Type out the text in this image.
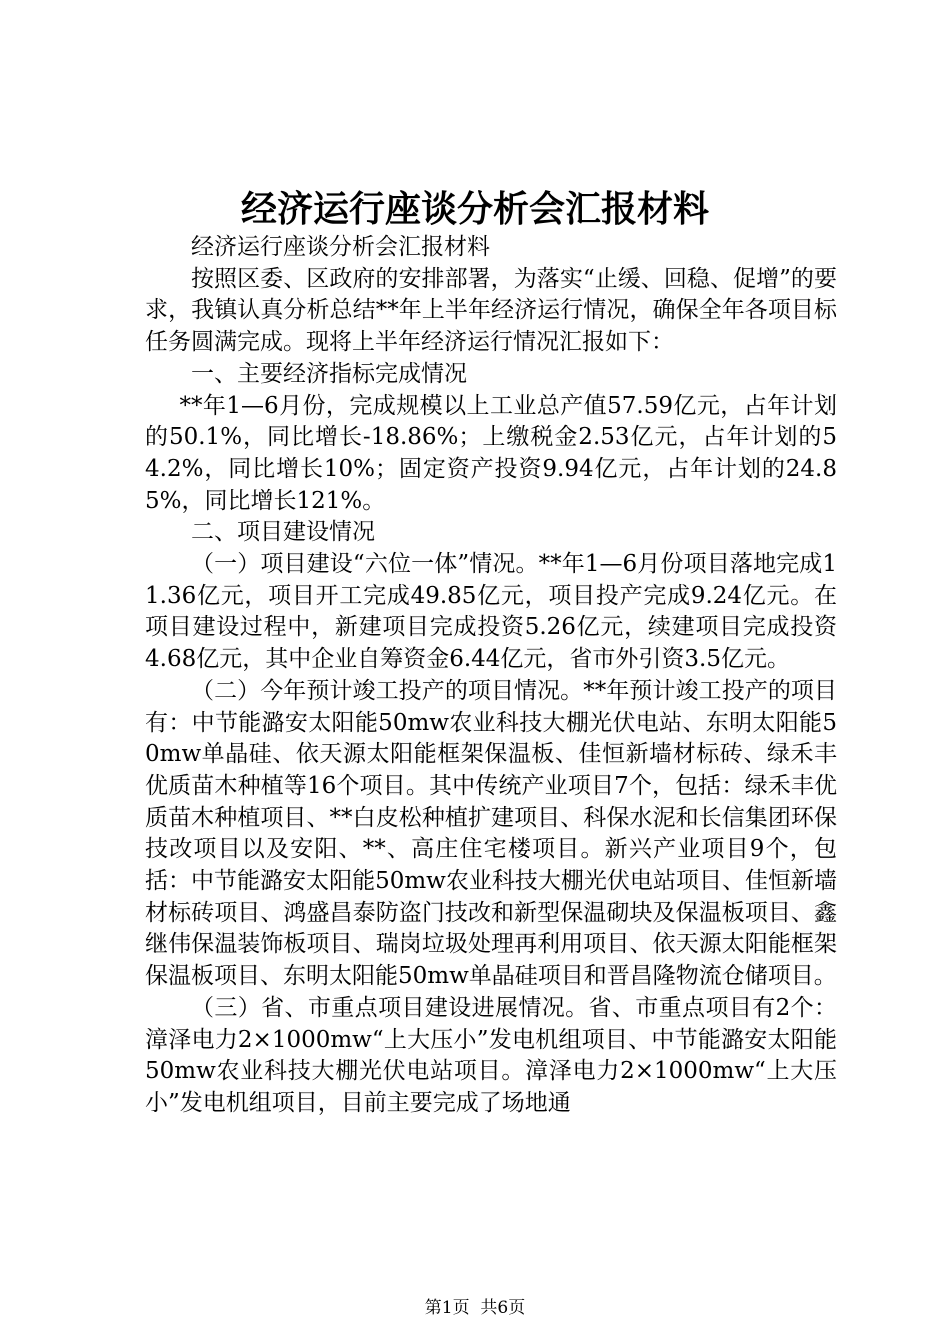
经济运行座谈分析会汇报材料

经济运行座谈分析会汇报材料

按照区委、区政府的安排部署，为落实“止缓、回稳、促增”的要求，我镇认真分析总结**年上半年经济运行情况，确保全年各项目标任务圆满完成。现将上半年经济运行情况汇报如下：

一、主要经济指标完成情况

**年1—6月份，完成规模以上工业总产值57.59亿元，占年计划的50.1%，同比增长-18.86%；上缴税金2.53亿元，占年计划的54.2%，同比增长10%；固定资产投资9.94亿元，占年计划的24.85%，同比增长121%。

二、项目建设情况

（一）项目建设“六位一体”情况。**年1—6月份项目落地完成11.36亿元，项目开工完成49.85亿元，项目投产完成9.24亿元。在项目建设过程中，新建项目完成投资5.26亿元，续建项目完成投资4.68亿元，其中企业自筹资金6.44亿元，省市外引资3.5亿元。

（二）今年预计竣工投产的项目情况。**年预计竣工投产的项目有：中节能潞安太阳能50mw农业科技大棚光伏电站、东明太阳能50mw单晶硅、依天源太阳能框架保温板、佳恒新墙材标砖、绿禾丰优质苗木种植等16个项目。其中传统产业项目7个，包括：绿禾丰优质苗木种植项目、**白皮松种植扩建项目、科保水泥和长信集团环保技改项目以及安阳、**、高庄住宅楼项目。新兴产业项目9个，包括：中节能潞安太阳能50mw农业科技大棚光伏电站项目、佳恒新墙材标砖项目、鸿盛昌泰防盗门技改和新型保温砌块及保温板项目、鑫继伟保温装饰板项目、瑞岗垃圾处理再利用项目、依天源太阳能框架保温板项目、东明太阳能50mw单晶硅项目和晋昌隆物流仓储项目。

（三）省、市重点项目建设进展情况。省、市重点项目有2个：漳泽电力2×1000mw“上大压小”发电机组项目、中节能潞安太阳能50mw农业科技大棚光伏电站项目。漳泽电力2×1000mw“上大压小”发电机组项目，目前主要完成了场地通

第1页 共6页
